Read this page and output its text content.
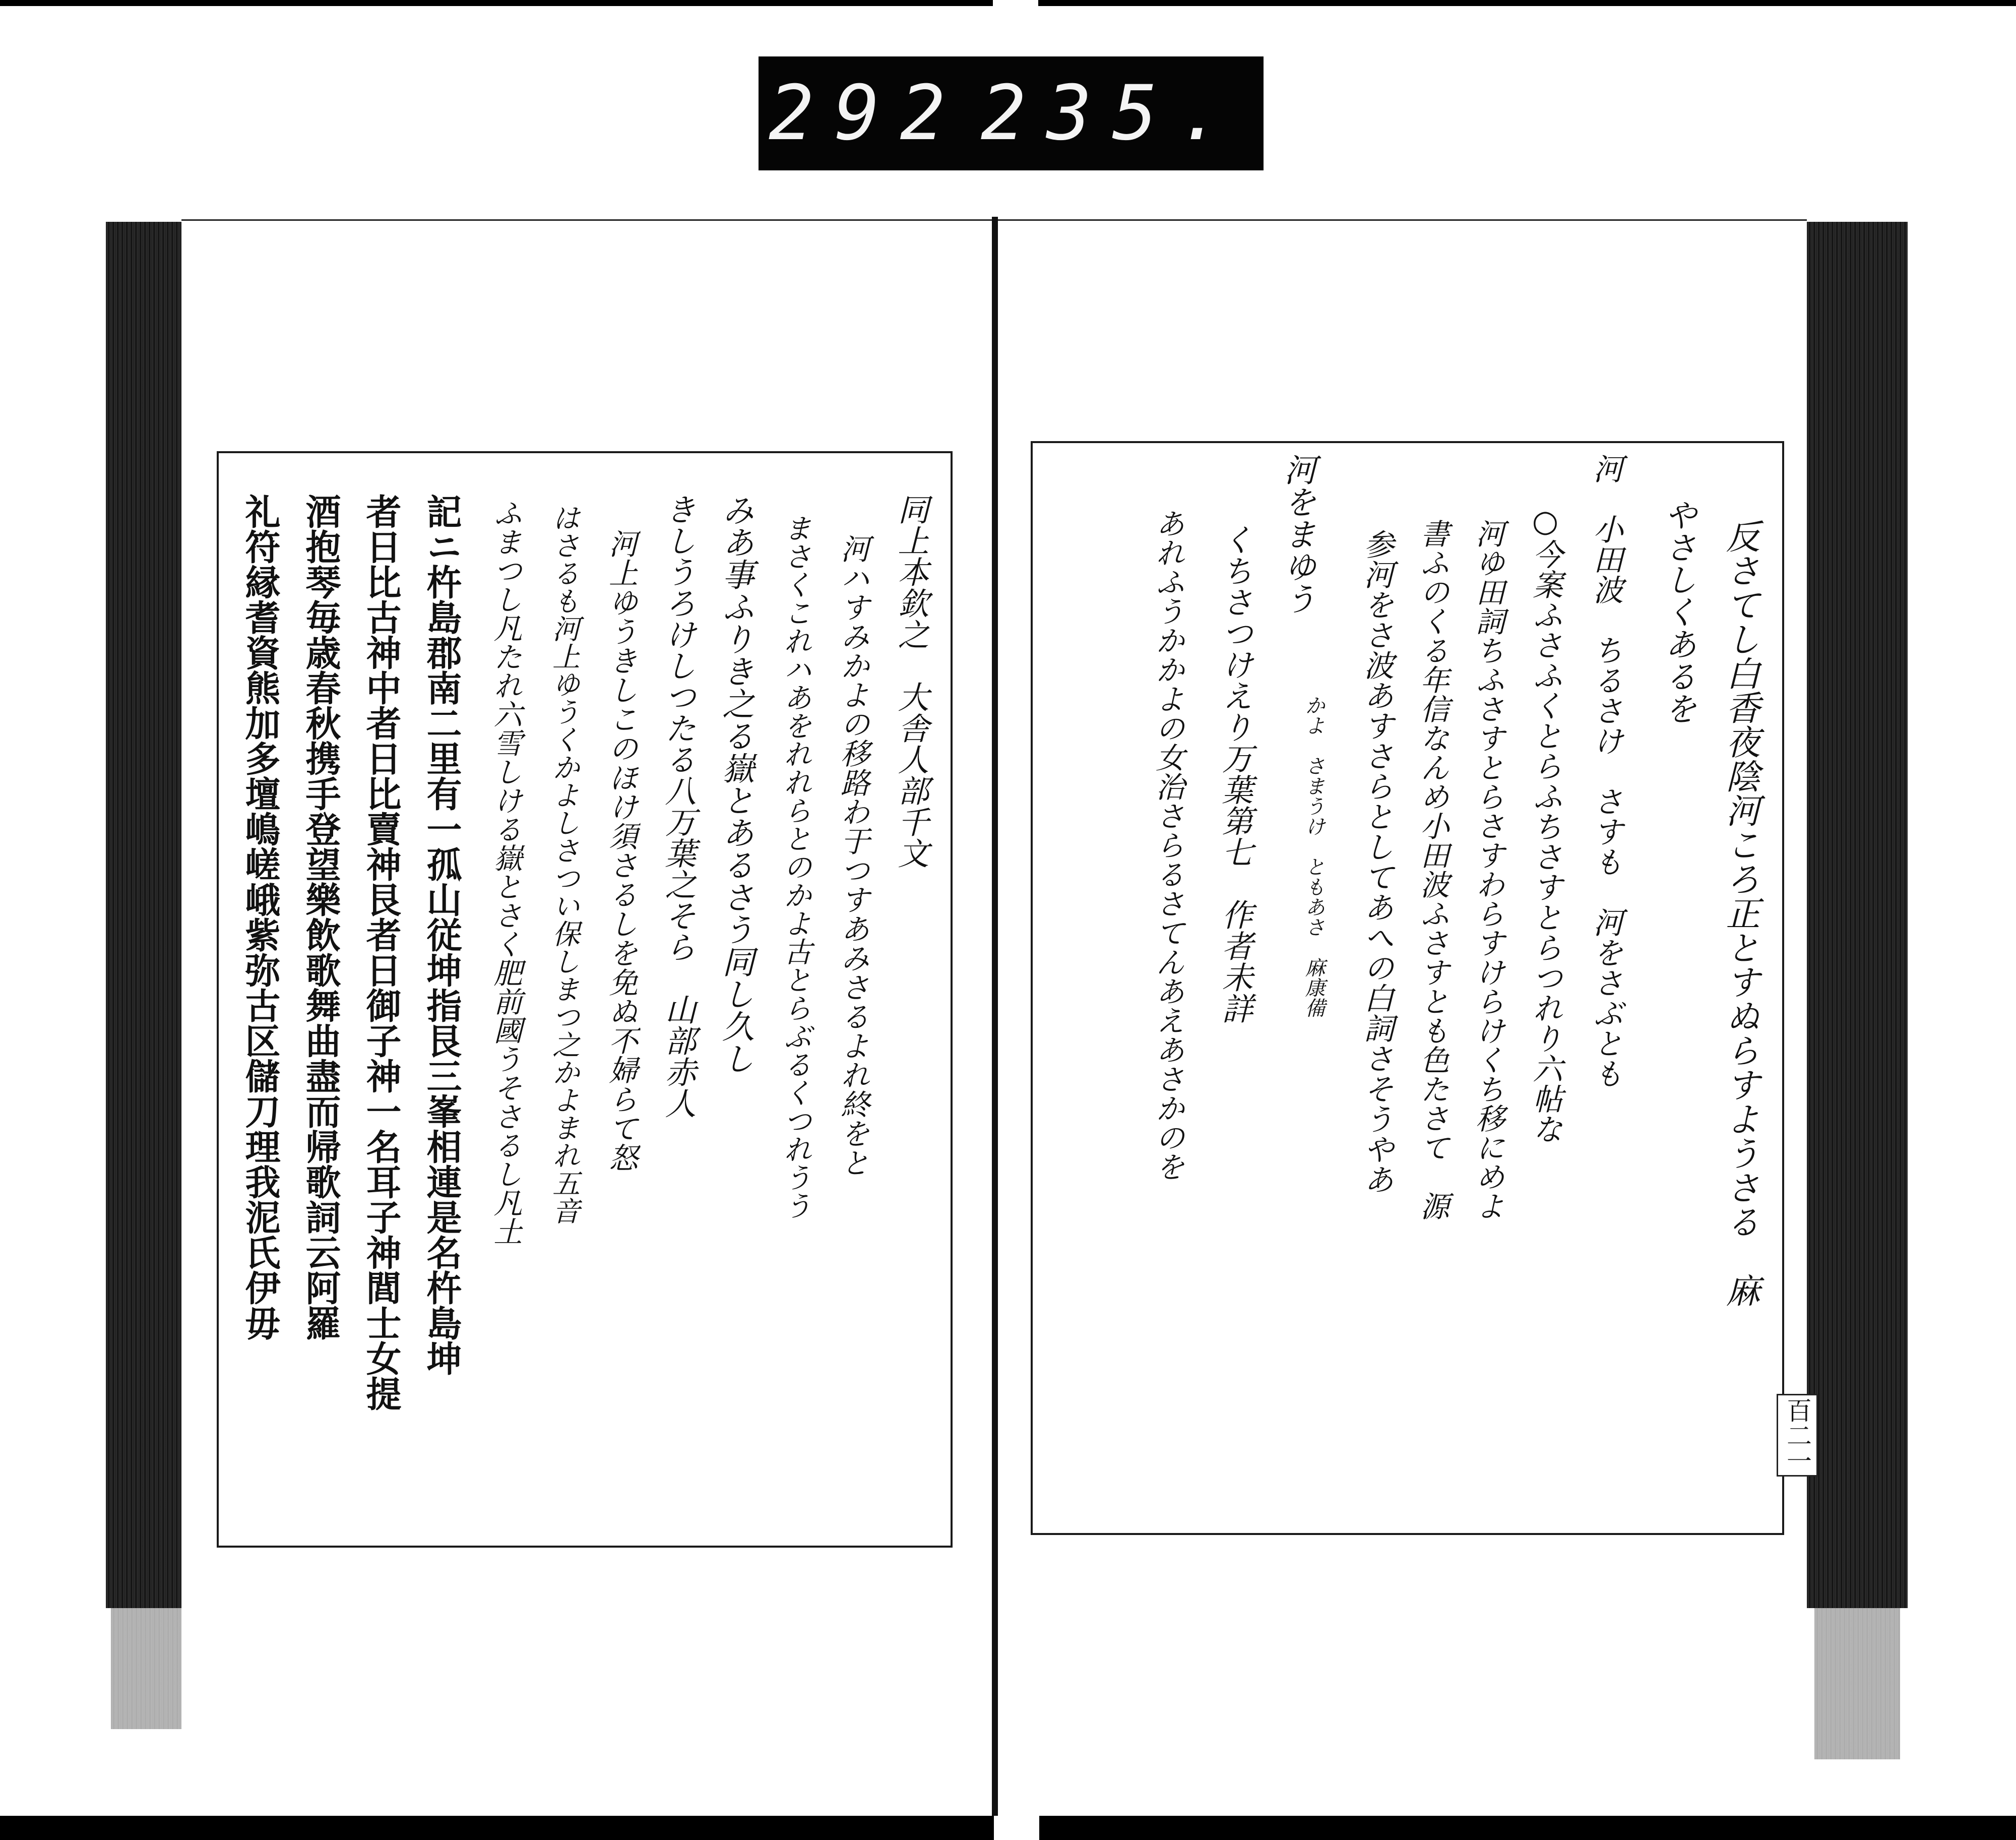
292 235.
同上本欽之　大舎人部千文
河ハすみかよの移路わ于つすあみさるよれ終をと
まさくこれハあをれれらとのかよ古とらぶるくつれうう
みあ事ふりき之る嶽とあるさう同し久し
きしうろけしつたる八万葉之そら　山部赤人
河上ゆうきしこのほけ須さるしを免ぬ不婦らて怒
はさるも河上ゆうくかよしさつい保しまつ之かよまれ五音
ふまつし凡たれ六雪しける嶽とさく肥前國うそさるし凡土
記ニ杵島郡南二里有一孤山従坤指艮三峯相連是名杵島坤
者日比古神中者日比賣神艮者日御子神一名耳子神閭士女提
酒抱琴毎歳春秋携手登望樂飲歌舞曲盡而帰歌詞云阿羅
礼符縁耆資熊加多壇嶋嵯峨紫弥古区儲刀理我泥氏伊毋	反さてし白香夜陰河ころ正とすぬらすようさる　麻
やさしくあるを
河　小田波　ちるさけ　さすも　河をさぶとも
○今案ふさふくとらふちさすとらつれり六帖な
河ゆ田詞ちふさすとらさすわらすけらけくち移にめよ
書ふのくる年信なんめ小田波ふさすとも色たさて　源
参河をさ波あすさらとしてあへの白詞さそうやあ
河をまゆう
くちさつけえり万葉第七　作者未詳
あれふうかかよの女治さらるさてんあえあさかのを	かよ　さまうけ　ともあさ　麻康備
百二一
